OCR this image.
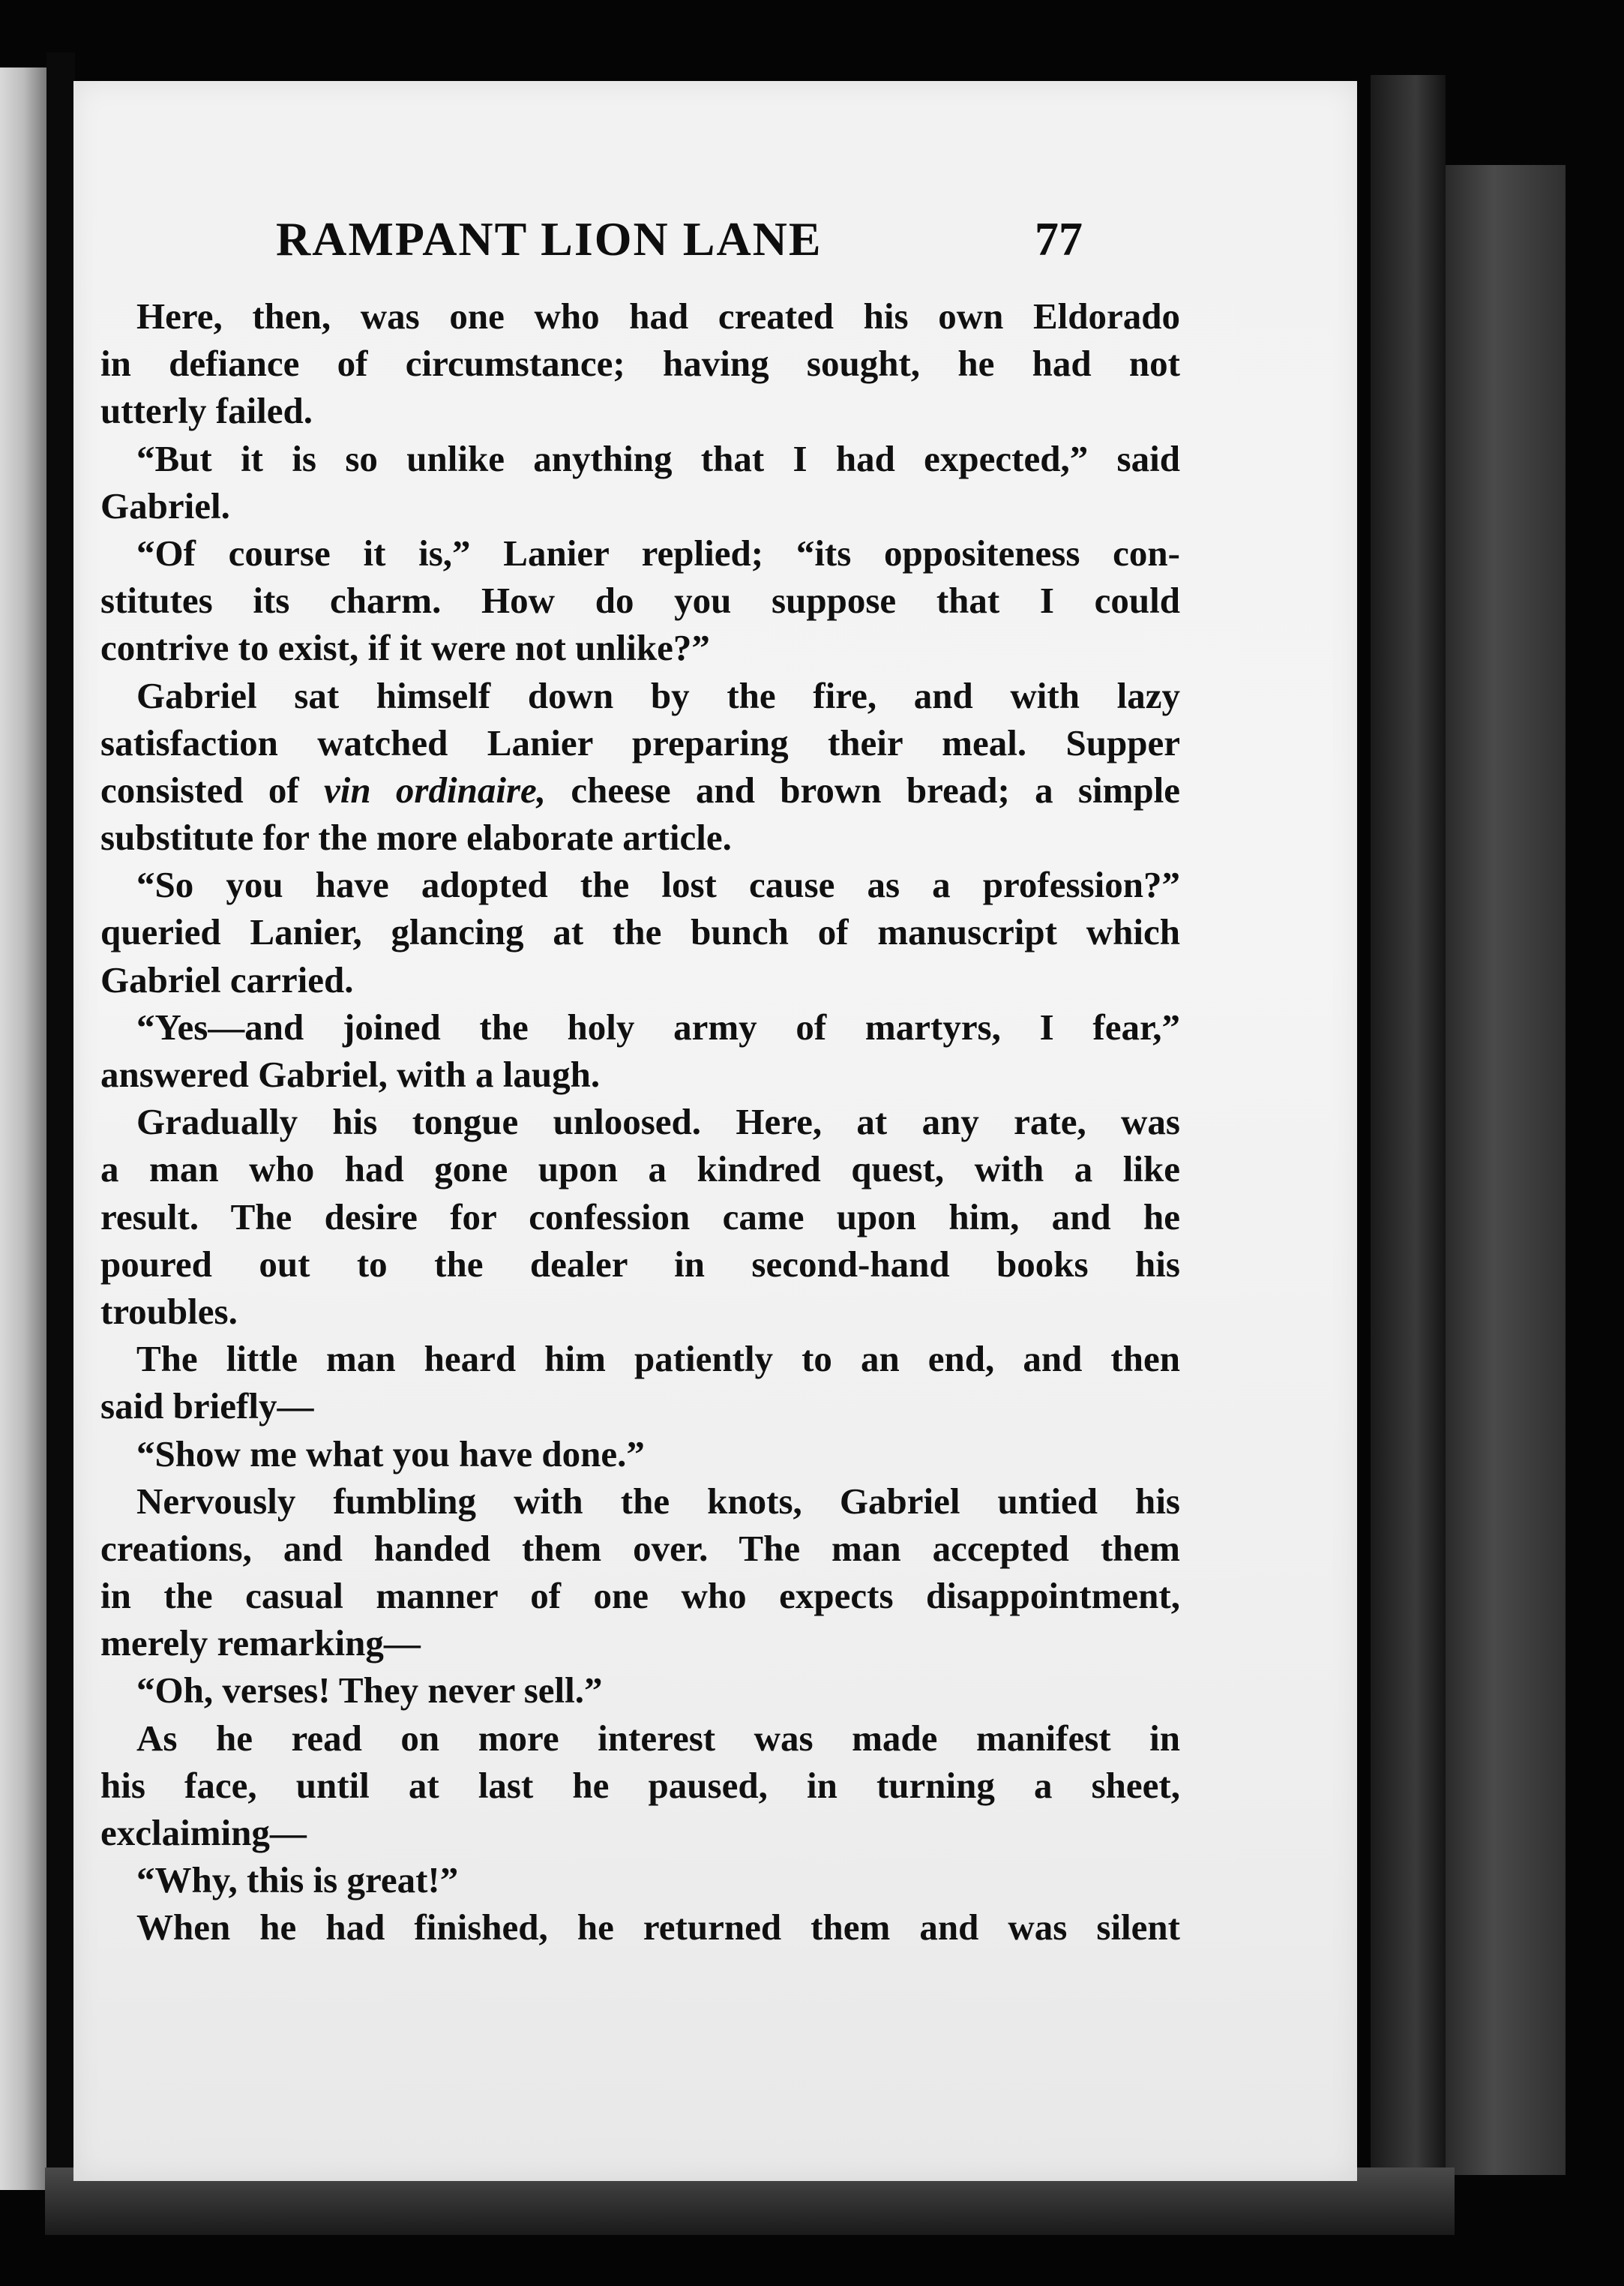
RAMPANT LION LANE	77
Here, then, was one who had created his own Eldorado
in defiance of circumstance; having sought, he had not
utterly failed.
“But it is so unlike anything that I had expected,” said
Gabriel.
“Of course it is,” Lanier replied; “its oppositeness con-
stitutes its charm. How do you suppose that I could
contrive to exist, if it were not unlike?”
Gabriel sat himself down by the fire, and with lazy
satisfaction watched Lanier preparing their meal. Supper
consisted of vin ordinaire, cheese and brown bread; a simple
substitute for the more elaborate article.
“So you have adopted the lost cause as a profession?”
queried Lanier, glancing at the bunch of manuscript which
Gabriel carried.
“Yes—and joined the holy army of martyrs, I fear,”
answered Gabriel, with a laugh.
Gradually his tongue unloosed. Here, at any rate, was
a man who had gone upon a kindred quest, with a like
result. The desire for confession came upon him, and he
poured out to the dealer in second-hand books his
troubles.
The little man heard him patiently to an end, and then
said briefly—
“Show me what you have done.”
Nervously fumbling with the knots, Gabriel untied his
creations, and handed them over. The man accepted them
in the casual manner of one who expects disappointment,
merely remarking—
“Oh, verses! They never sell.”
As he read on more interest was made manifest in
his face, until at last he paused, in turning a sheet,
exclaiming—
“Why, this is great!”
When he had finished, he returned them and was silent
